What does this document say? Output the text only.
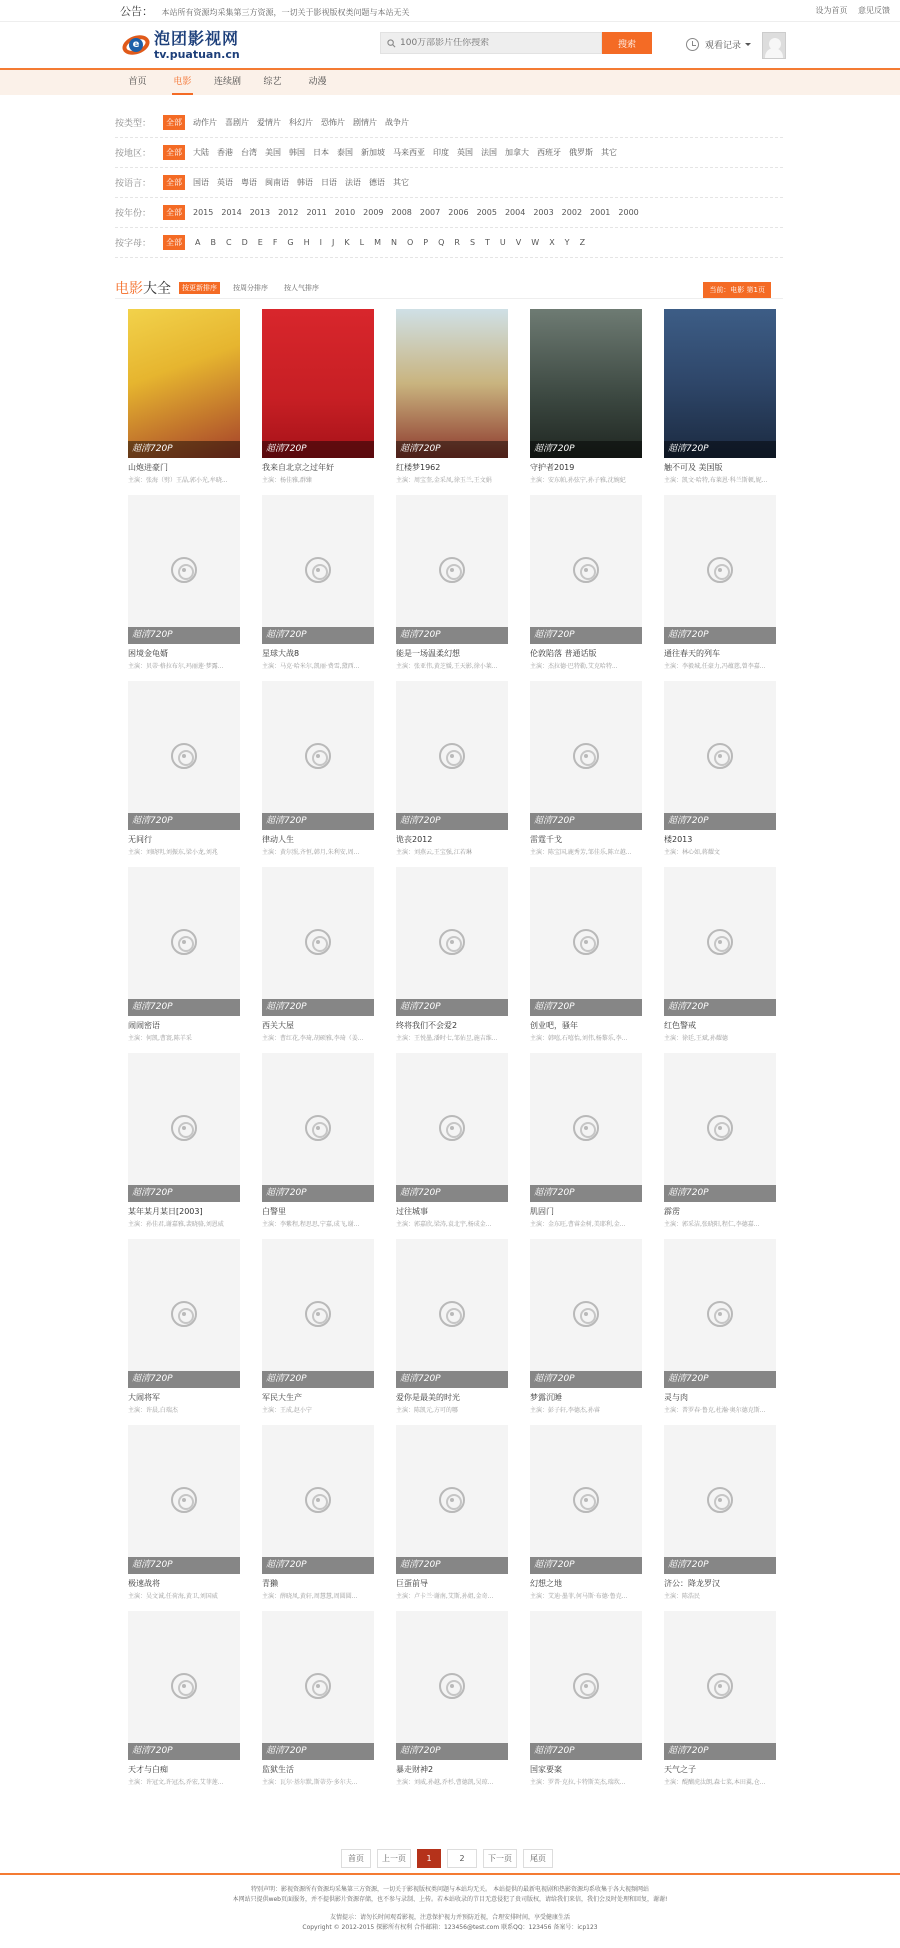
公告： 本站所有资源均采集第三方资源，一切关于影视版权类问题与本站无关	设为首页 意见反馈
e 泡团影视网
tv.puatuan.cn
100万部影片任你搜索
搜索	观看记录
首页	电影	连续剧	综艺	动漫
按类型：	全部	动作片 喜剧片 爱情片 科幻片 恐怖片 剧情片 战争片
按地区：	全部	大陆 香港 台湾 美国 韩国 日本 泰国 新加坡 马来西亚 印度 英国 法国 加拿大 西班牙 俄罗斯 其它
按语言：	全部	国语 英语 粤语 闽南语 韩语 日语 法语 德语 其它
按年份：	全部	2015 2014 2013 2012 2011 2010 2009 2008 2007 2006 2005 2004 2003 2002 2001 2000
按字母：	全部	A B C D E F G H I J K L M N O P Q R S T U V W X Y Z
电影大全	按更新排序	按周分排序	按人气排序	当前：电影 第1页
超清720P
山炮进豪门
主演：张海（劈）王晶,郭小光,牟晓...
超清720P
我来自北京之过年好
主演：杨佳雅,群臻
超清720P
红楼梦1962
主演：周宝奎,金采凤,徐玉兰,王文娟
超清720P
守护者2019
主演：安东帕,孙弦宁,孙子雅,沈婉妃
超清720P
触不可及 美国版
主演：凯文·哈特,布莱恩·科兰斯顿,妮...
超清720P
困境金龟婿
主演：贝蒂·格拉布尔,玛丽莲·梦露...
超清720P
星球大战8
主演：马克·哈米尔,凯丽·费雪,黛西...
超清720P
能是一场温柔幻想
主演：张亚伟,黄芝媛,王天影,徐小莱...
超清720P
伦敦陷落 普通话版
主演：杰拉德·巴特勒,艾克哈特...
超清720P
通往春天的列车
主演：李毅城,任豪力,冯蕴慈,曾李嘉...
超清720P
无间行
主演：刘晓明,刘振东,梁小龙,刘兆
超清720P
律动人生
主演：黄尔照,齐恒,韩月,朱利安,周...
超清720P
诡丧2012
主演：刘燕云,王宝强,江若琳
超清720P
雷霆千戈
主演：陈宝国,鹿秀芳,邹佳乐,陈立越...
超清720P
楼2013
主演：林心如,蒋耀文
超清720P
闹闹密语
主演：何凯,曹寰,陈羊采
超清720P
西关大屋
主演：曹红花,李琦,胡硕雅,李琦（姜...
超清720P
终将我们不会爱2
主演：王悦墨,潘时七,邹佑昱,施吉维...
超清720P
创业吧，骚年
主演：韩嘻,石嘻怡,刘伟,杨黎乐,李...
超清720P
红色警戒
主演：徐廷,王斌,孙耀德
超清720P
某年某月某日[2003]
主演：孙佳君,谢嘉雅,裴晓骆,刘恩威
超清720P
白警里
主演：李紫程,程思思,宁嘉,成飞,谢...
超清720P
过往城事
主演：郭嘉欣,梁涛,袁北宇,杨成金...
超清720P
肌固门
主演：金东旺,曹睿金树,美耶利,金...
超清720P
霹雳
主演：郭采洁,张晓阳,程仁,李德嘉...
超清720P
大闹将军
主演：许晨,白瑞杰
超清720P
军民大生产
主演：王成,赵小宁
超清720P
爱你是最美的时光
主演：陈凯元,方可的哪
超清720P
梦露沉睡
主演：彭子轩,李德杰,孙睿
超清720P
灵与肉
主演：普罗春·鲁克,杜瀚·奥尔德克斯...
超清720P
极速战将
主演：吴文诚,任荷海,黄卫,刘国威
超清720P
青獭
主演：薛晓凤,黄轩,周慧慧,周圆圆...
超清720P
巨蛋前导
主演：卢卡兰·谢南,艾斯,孙姐,金奇...
超清720P
幻想之地
主演：艾迪·墨菲,何马斯·布德·鲁克...
超清720P
济公：降龙罗汉
主演：陈浩民
超清720P
天才与白痴
主演：许冠文,许冠杰,乔宏,艾菲莲...
超清720P
监狱生活
主演：瓦尔·基尔默,斯蒂芬·多尔夫...
超清720P
暴走财神2
主演：刘威,孙越,乔杉,曹德凯,吴琼...
超清720P
国家要案
主演：罗普·克拉,卡特斯芙杰,瑞坎...
超清720P
天气之子
主演：醍醐虎汰朗,森七菜,本田翼,仓...
首页	上一页	1	2	下一页	尾页

特别声明：影视资源所有资源均采集第三方资源，一切关于影视版权类问题与本站均无关。 本站提供的最新电视剧和热影资源均系收集于各大视频网站

本网站只提供web页面服务，并不提供影片资源存储，也不参与录制、上传。若本站收录的节目无意侵犯了贵司版权，请给我们来信，我们会及时处理和回复，谢谢!

友情提示：请勿长时间观看影视，注意保护视力并预防近视，合理安排时间，享受健康生活

Copyright © 2012-2015 探影所有权利 合作邮箱：123456@test.com 联系QQ：123456 备案号：icp123
